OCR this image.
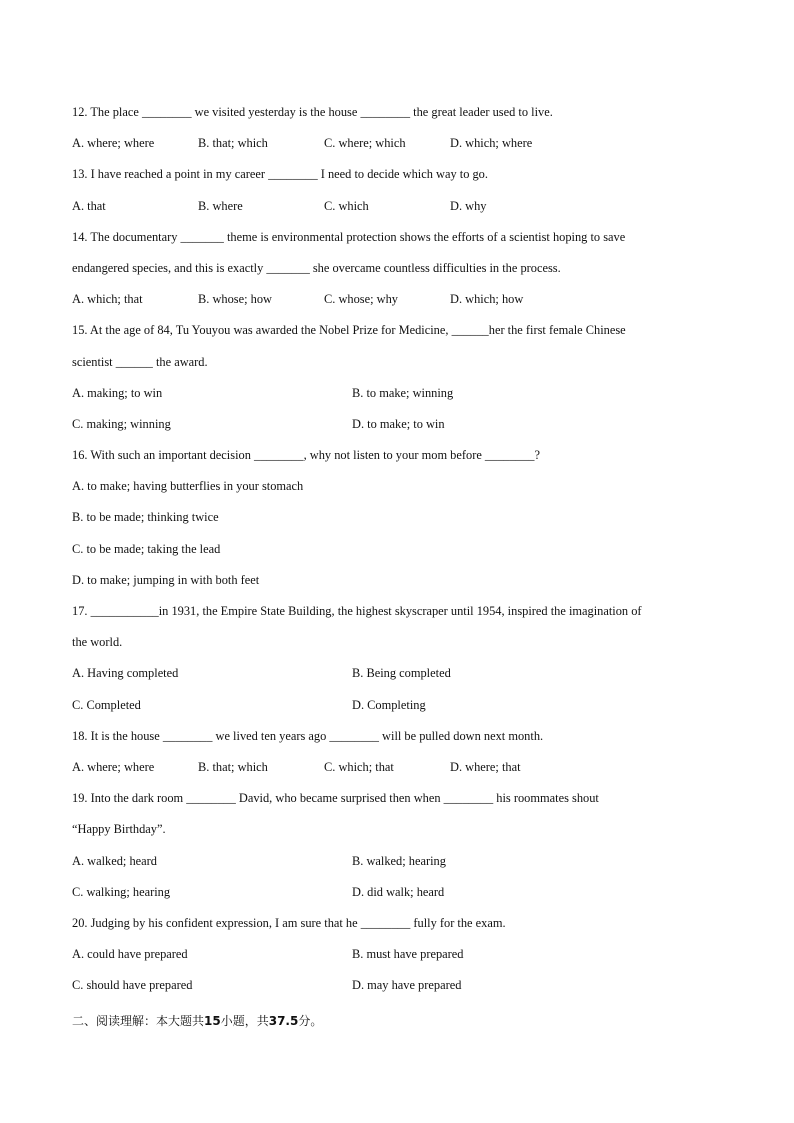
12. The place ________ we visited yesterday is the house ________ the great leader used to live.
A. where; where	B. that; which	C. where; which	D. which; where
13. I have reached a point in my career ________ I need to decide which way to go.
A. that	B. where	C. which	D. why
14. The documentary _______ theme is environmental protection shows the efforts of a scientist hoping to save
endangered species, and this is exactly _______ she overcame countless difficulties in the process.
A. which; that	B. whose; how	C. whose; why	D. which; how
15. At the age of 84, Tu Youyou was awarded the Nobel Prize for Medicine, ______her the first female Chinese
scientist ______ the award.
A. making; to win	B. to make; winning
C. making; winning	D. to make; to win
16. With such an important decision ________, why not listen to your mom before ________?
A. to make; having butterflies in your stomach
B. to be made; thinking twice
C. to be made; taking the lead
D. to make; jumping in with both feet
17. ___________in 1931, the Empire State Building, the highest skyscraper until 1954, inspired the imagination of
the world.
A. Having completed	B. Being completed
C. Completed	D. Completing
18. It is the house ________ we lived ten years ago ________ will be pulled down next month.
A. where; where	B. that; which	C. which; that	D. where; that
19. Into the dark room ________ David, who became surprised then when ________ his roommates shout
“Happy Birthday”.
A. walked; heard	B. walked; hearing
C. walking; hearing	D. did walk; heard
20. Judging by his confident expression, I am sure that he ________ fully for the exam.
A. could have prepared	B. must have prepared
C. should have prepared	D. may have prepared
二、阅读理解：本大题共15小题，共37.5分。
